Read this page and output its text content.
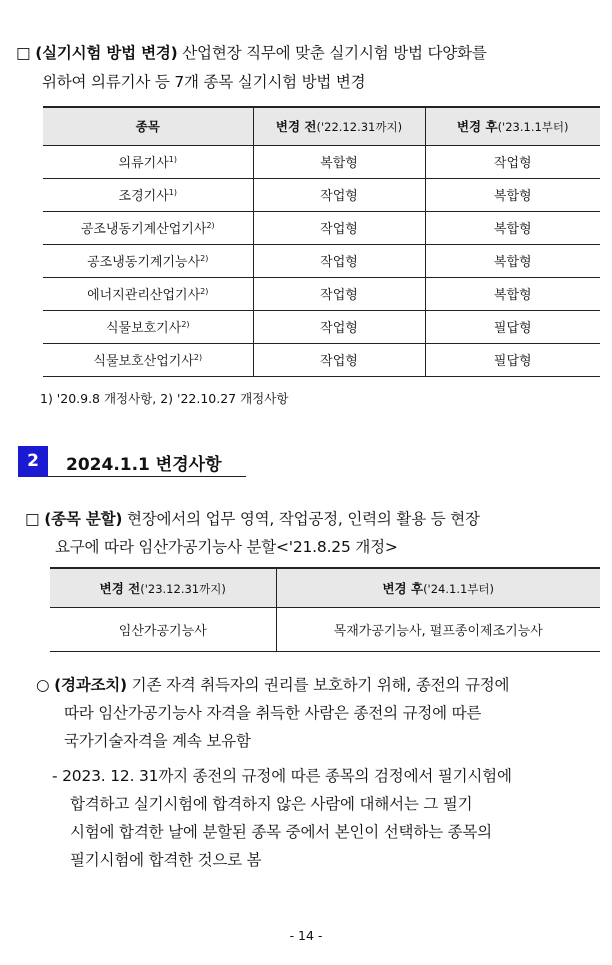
□ (실기시험 방법 변경) 산업현장 직무에 맞춘 실기시험 방법 다양화를
위하여 의류기사 등 7개 종목 실기시험 방법 변경
종목	변경 전('22.12.31까지)	변경 후('23.1.1부터)
의류기사$^{1)}$	복합형	작업형
조경기사$^{1)}$	작업형	복합형
공조냉동기계산업기사$^{2)}$	작업형	복합형
공조냉동기계기능사$^{2)}$	작업형	복합형
에너지관리산업기사$^{2)}$	작업형	복합형
식물보호기사$^{2)}$	작업형	필답형
식물보호산업기사$^{2)}$	작업형	필답형
1) '20.9.8 개정사항, 2) '22.10.27 개정사항
2	2024.1.1 변경사항
□ (종목 분할) 현장에서의 업무 영역, 작업공정, 인력의 활용 등 현장
요구에 따라 임산가공기능사 분할<'21.8.25 개정>
변경 전('23.12.31까지)	변경 후('24.1.1부터)
임산가공기능사	목재가공기능사, 펄프종이제조기능사
○ (경과조치) 기존 자격 취득자의 권리를 보호하기 위해, 종전의 규정에
따라 임산가공기능사 자격을 취득한 사람은 종전의 규정에 따른
국가기술자격을 계속 보유함
- 2023. 12. 31까지 종전의 규정에 따른 종목의 검정에서 필기시험에
합격하고 실기시험에 합격하지 않은 사람에 대해서는 그 필기
시험에 합격한 날에 분할된 종목 중에서 본인이 선택하는 종목의
필기시험에 합격한 것으로 봄
- 14 -
